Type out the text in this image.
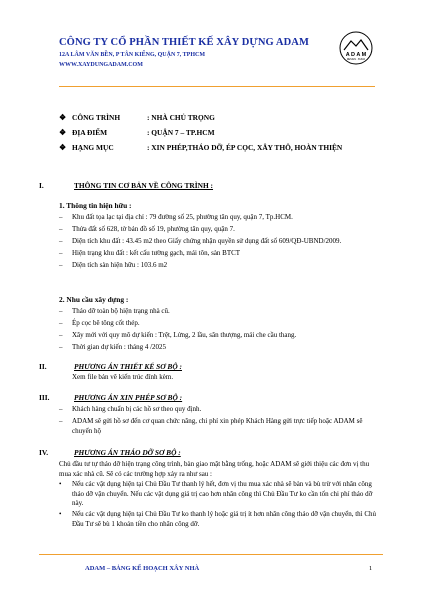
CÔNG TY CỔ PHẦN THIẾT KẾ XÂY DỰNG ADAM
12A LÂM VĂN BỀN, P TÂN KIỂNG, QUẬN 7, TPHCM
WWW.XAYDUNGADAM.COM
A D A M
DESIGN · BUILD
❖ CÔNG TRÌNH	: NHÀ CHỦ TRỌNG
❖ ĐỊA ĐIỂM	: QUẬN 7 – TP.HCM
❖ HẠNG MỤC	: XIN PHÉP,THÁO DỠ, ÉP CỌC, XÂY THÔ, HOÀN THIỆN
I.	THÔNG TIN CƠ BẢN VỀ CÔNG TRÌNH :
1. Thông tin hiện hữu :
– Khu đất tọa lạc tại địa chỉ : 79 đường số 25, phường tân quy, quận 7, Tp.HCM.
– Thửa đất số 628, tờ bản đồ số 19, phường tân quy, quận 7.
– Diện tích khu đất : 43.45 m2 theo Giấy chứng nhận quyền sử dụng đất số 609/QĐ-UBND/2009.
– Hiện trạng khu đất : kết cấu tường gạch, mái tôn, sàn BTCT
– Diện tích sàn hiện hữu : 103.6 m2
2. Nhu cầu xây dựng :
– Tháo dỡ toàn bộ hiện trạng nhà cũ.
– Ép cọc bê tông cốt thép.
– Xây mới với quy mô dự kiến : Trệt, Lửng, 2 lầu, sân thượng, mái che cầu thang.
– Thời gian dự kiến : tháng 4 /2025
II.	PHƯƠNG ÁN THIẾT KẾ SƠ BỘ :
Xem file bản vẽ kiến trúc đính kèm.
III.	PHƯƠNG ÁN XIN PHÉP SƠ BỘ :
– Khách hàng chuẩn bị các hồ sơ theo quy định.
– ADAM sẽ gửi hồ sơ đến cơ quan chức năng, chi phí xin phép Khách Hàng gửi trực tiếp hoặc ADAM sẽ chuyển hộ
IV.	PHƯƠNG ÁN THÁO DỠ SƠ BỘ :
Chủ đầu tư tự tháo dỡ hiện trạng công trình, bàn giao mặt bằng trống, hoặc ADAM sẽ giới thiệu các đơn vị thu mua xác nhà cũ. Sẽ có các trường hợp xảy ra như sau :
• Nếu các vật dụng hiện tại Chủ Đầu Tư thanh lý hết, đơn vị thu mua xác nhà sẽ bàn và bù trừ với nhân công tháo dỡ vận chuyển. Nếu các vật dụng giá trị cao hơn nhân công thì Chủ Đầu Tư ko cần tốn chi phí tháo dỡ này.
• Nếu các vật dụng hiện tại Chủ Đầu Tư ko thanh lý hoặc giá trị ít hơn nhân công tháo dỡ vận chuyển, thì Chủ Đầu Tư sẽ bù 1 khoản tiền cho nhân công dỡ.
ADAM – BẢNG KẾ HOẠCH XÂY NHÀ	1
